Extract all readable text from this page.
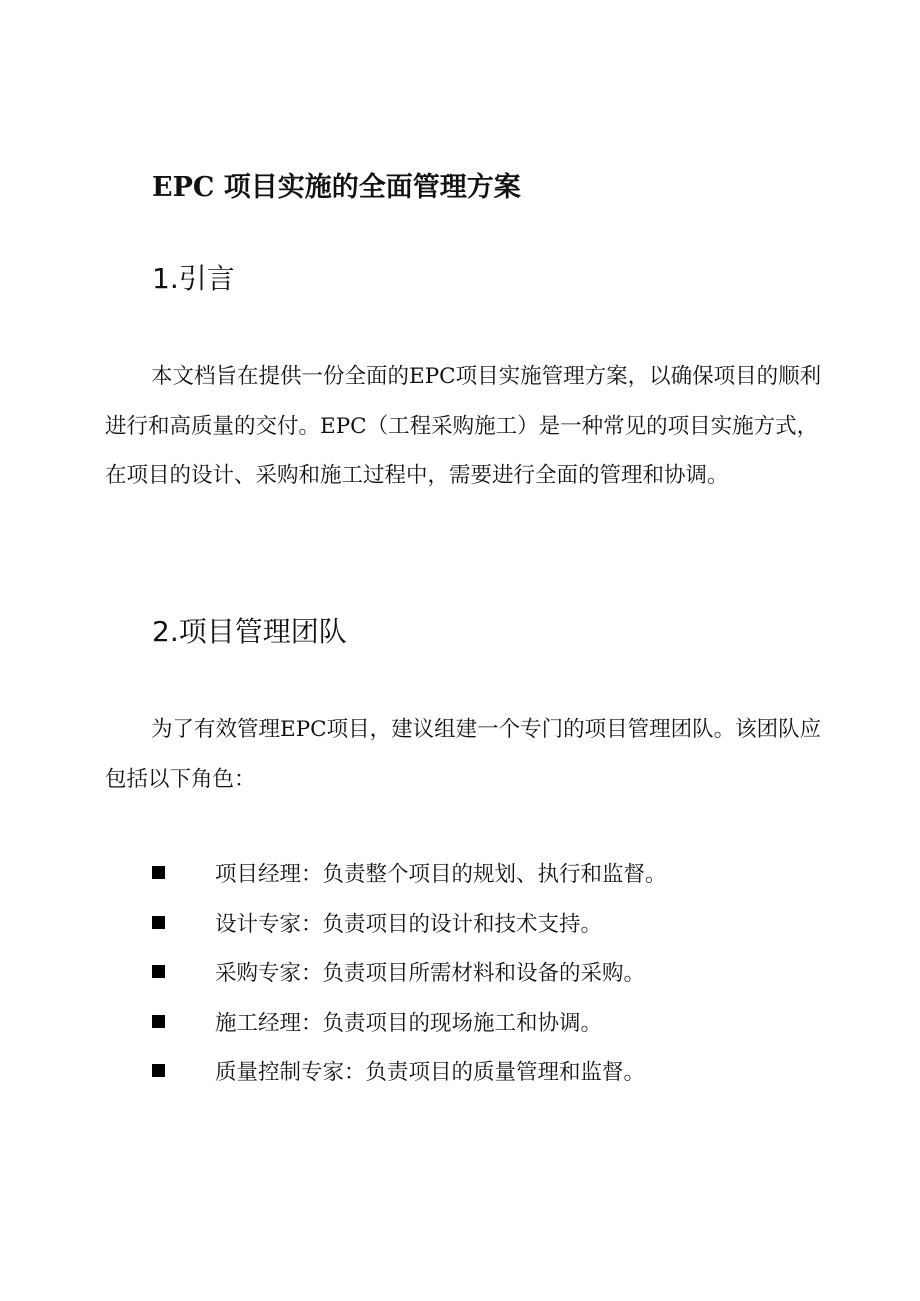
EPC 项目实施的全面管理方案
1.引言

本文档旨在提供一份全面的EPC项目实施管理方案，以确保项目的顺利进行和高质量的交付。EPC（工程采购施工）是一种常见的项目实施方式，在项目的设计、采购和施工过程中，需要进行全面的管理和协调。

2.项目管理团队

为了有效管理EPC项目，建议组建一个专门的项目管理团队。该团队应包括以下角色：

项目经理：负责整个项目的规划、执行和监督。
设计专家：负责项目的设计和技术支持。
采购专家：负责项目所需材料和设备的采购。
施工经理：负责项目的现场施工和协调。
质量控制专家：负责项目的质量管理和监督。
